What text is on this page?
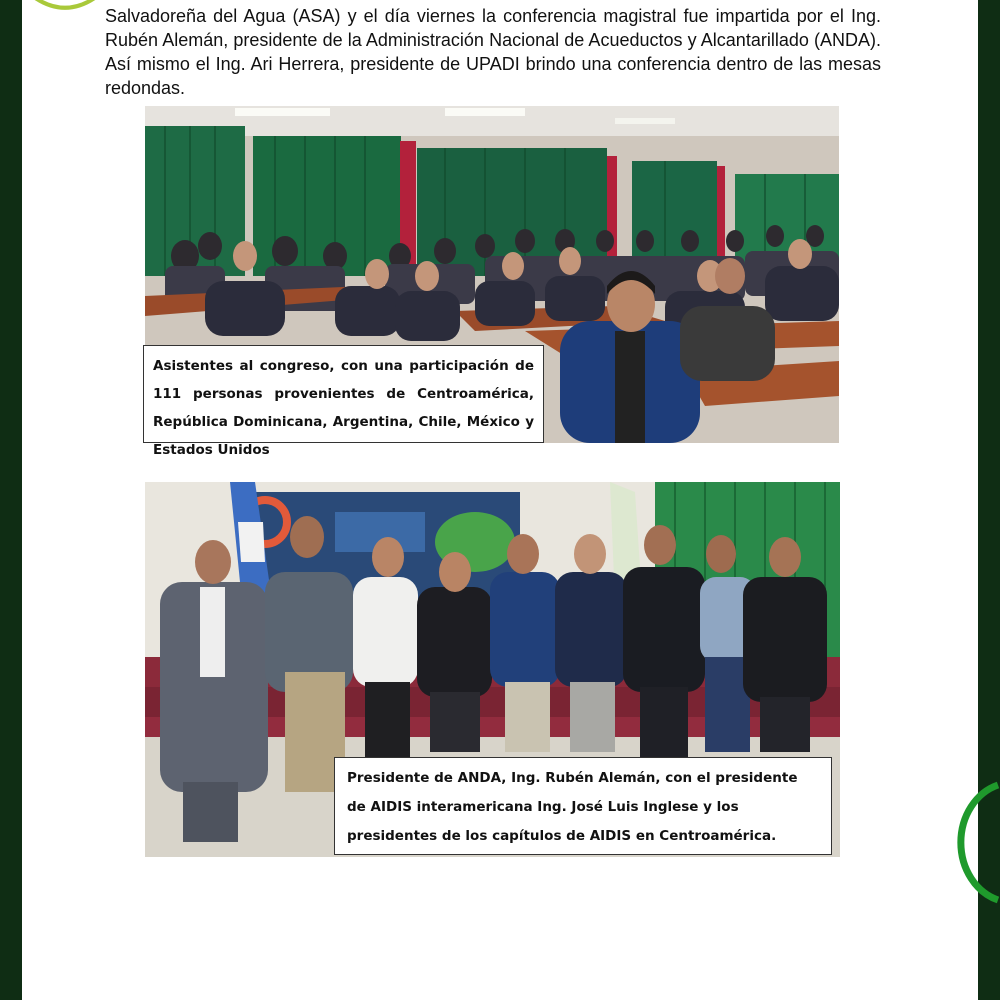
Salvadoreña del Agua (ASA) y el día viernes la conferencia magistral fue impartida por el Ing. Rubén Alemán, presidente de la Administración Nacional de Acueductos y Alcantarillado (ANDA). Así mismo el Ing. Ari Herrera, presidente de UPADI brindo una conferencia dentro de las mesas redondas.

Asistentes al congreso, con una participación de 111 personas provenientes de Centroamérica, República Dominicana, Argentina, Chile, México y Estados Unidos

Presidente de ANDA, Ing. Rubén Alemán, con el presidente de AIDIS interamericana Ing. José Luis Inglese y los presidentes de los capítulos de AIDIS en Centroamérica.
